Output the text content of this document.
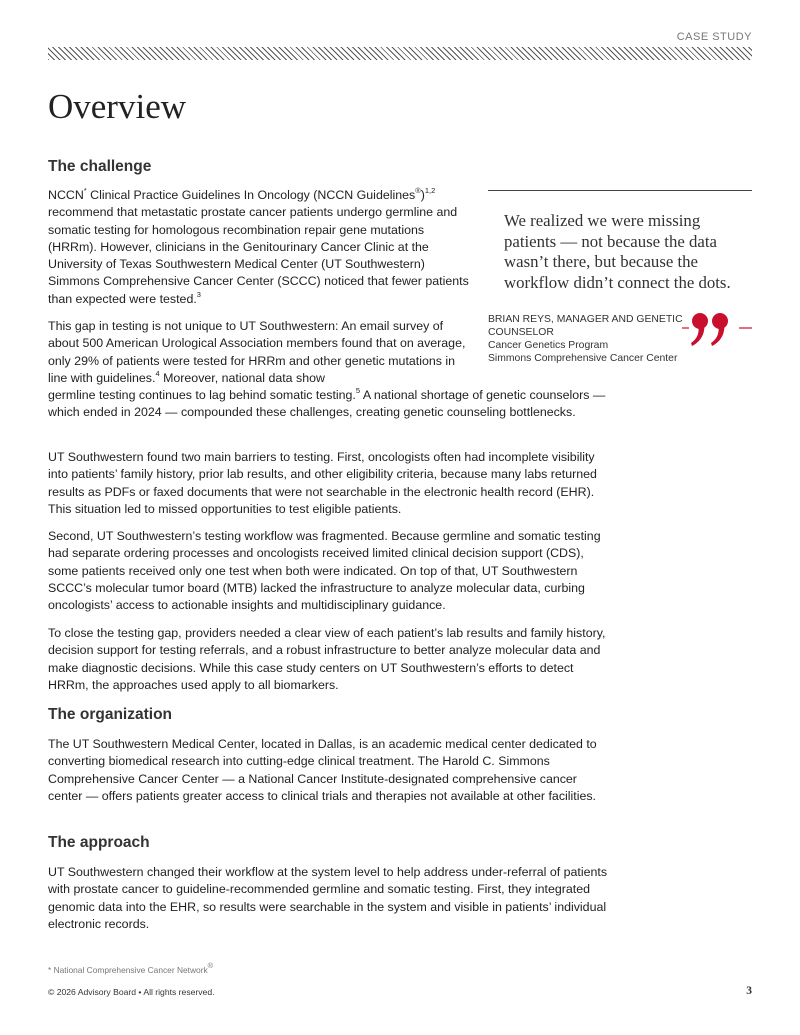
CASE STUDY
Overview
The challenge

NCCN* Clinical Practice Guidelines In Oncology (NCCN Guidelines®)$^{1,2}$ recommend that metastatic prostate cancer patients undergo germline and somatic testing for homologous recombination repair gene mutations (HRRm). However, clinicians in the Genitourinary Cancer Clinic at the University of Texas Southwestern Medical Center (UT Southwestern) Simmons Comprehensive Cancer Center (SCCC) noticed that fewer patients than expected were tested.$^3$

This gap in testing is not unique to UT Southwestern: An email survey of about 500 American Urological Association members found that on average, only 29% of patients were tested for HRRm and other genetic mutations in line with guidelines.$^4$ Moreover, national data show

germline testing continues to lag behind somatic testing.$^5$ A national shortage of genetic counselors — which ended in 2024 — compounded these challenges, creating genetic counseling bottlenecks.

UT Southwestern found two main barriers to testing. First, oncologists often had incomplete visibility into patients’ family history, prior lab results, and other eligibility criteria, because many labs returned results as PDFs or faxed documents that were not searchable in the electronic health record (EHR). This situation led to missed opportunities to test eligible patients.

Second, UT Southwestern’s testing workflow was fragmented. Because germline and somatic testing had separate ordering processes and oncologists received limited clinical decision support (CDS), some patients received only one test when both were indicated. On top of that, UT Southwestern SCCC’s molecular tumor board (MTB) lacked the infrastructure to analyze molecular data, curbing oncologists’ access to actionable insights and multidisciplinary guidance.

To close the testing gap, providers needed a clear view of each patient’s lab results and family history, decision support for testing referrals, and a robust infrastructure to better analyze molecular data and make diagnostic decisions. While this case study centers on UT Southwestern’s efforts to detect HRRm, the approaches used apply to all biomarkers.

The organization

The UT Southwestern Medical Center, located in Dallas, is an academic medical center dedicated to converting biomedical research into cutting-edge clinical treatment. The Harold C. Simmons Comprehensive Cancer Center — a National Cancer Institute-designated comprehensive cancer center — offers patients greater access to clinical trials and therapies not available at other facilities.

The approach

UT Southwestern changed their workflow at the system level to help address under-referral of patients with prostate cancer to guideline-recommended germline and somatic testing. First, they integrated genomic data into the EHR, so results were searchable in the system and visible in patients’ individual electronic records.

We realized we were missing patients — not because the data wasn’t there, but because the workflow didn’t connect the dots.
BRIAN REYS, MANAGER AND GENETIC COUNSELOR
Cancer Genetics Program
Simmons Comprehensive Cancer Center
* National Comprehensive Cancer Network®
© 2026 Advisory Board • All rights reserved.	3
